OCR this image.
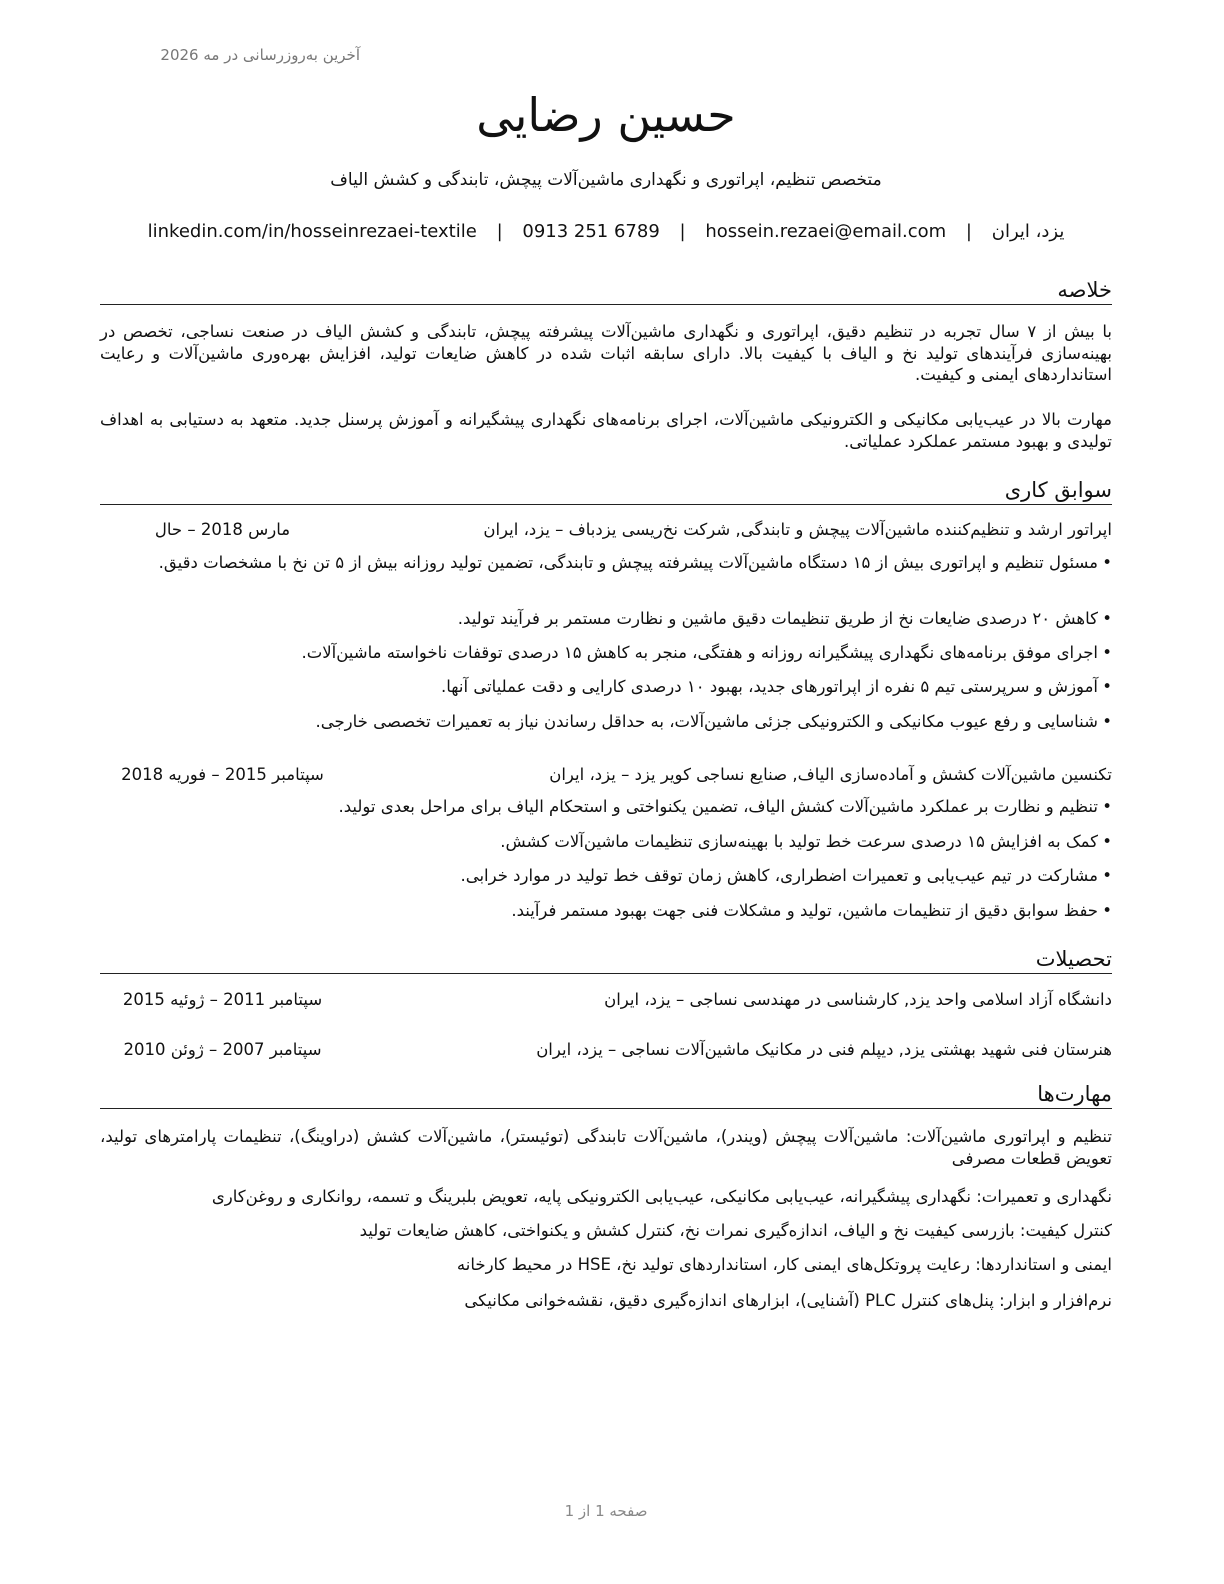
آخرین به‌روزرسانی در مه 2026
حسین رضایی
متخصص تنظیم، اپراتوری و نگهداری ماشین‌آلات پیچش، تابندگی و کشش الیاف
یزد، ایران | hossein.rezaei@email.com | 0913 251 6789 | linkedin.com/in/hosseinrezaei-textile
خلاصه
با بیش از ۷ سال تجربه در تنظیم دقیق، اپراتوری و نگهداری ماشین‌آلات پیشرفته پیچش، تابندگی و کشش الیاف در صنعت نساجی، تخصص در بهینه‌سازی فرآیندهای تولید نخ و الیاف با کیفیت بالا. دارای سابقه اثبات شده در کاهش ضایعات تولید، افزایش بهره‌وری ماشین‌آلات و رعایت استانداردهای ایمنی و کیفیت.
مهارت بالا در عیب‌یابی مکانیکی و الکترونیکی ماشین‌آلات، اجرای برنامه‌های نگهداری پیشگیرانه و آموزش پرسنل جدید. متعهد به دستیابی به اهداف تولیدی و بهبود مستمر عملکرد عملیاتی.
سوابق کاری
اپراتور ارشد و تنظیم‌کننده ماشین‌آلات پیچش و تابندگی, شرکت نخ‌ریسی یزدباف – یزد، ایران
مارس 2018 – حال
•
مسئول تنظیم و اپراتوری بیش از ۱۵ دستگاه ماشین‌آلات پیشرفته پیچش و تابندگی، تضمین تولید روزانه بیش از ۵ تن نخ با مشخصات دقیق.
•
کاهش ۲۰ درصدی ضایعات نخ از طریق تنظیمات دقیق ماشین و نظارت مستمر بر فرآیند تولید.
•
اجرای موفق برنامه‌های نگهداری پیشگیرانه روزانه و هفتگی، منجر به کاهش ۱۵ درصدی توقفات ناخواسته ماشین‌آلات.
•
آموزش و سرپرستی تیم ۵ نفره از اپراتورهای جدید، بهبود ۱۰ درصدی کارایی و دقت عملیاتی آنها.
•
شناسایی و رفع عیوب مکانیکی و الکترونیکی جزئی ماشین‌آلات، به حداقل رساندن نیاز به تعمیرات تخصصی خارجی.
تکنسین ماشین‌آلات کشش و آماده‌سازی الیاف, صنایع نساجی کویر یزد – یزد، ایران
سپتامبر 2015 – فوریه 2018
•
تنظیم و نظارت بر عملکرد ماشین‌آلات کشش الیاف، تضمین یکنواختی و استحکام الیاف برای مراحل بعدی تولید.
•
کمک به افزایش ۱۵ درصدی سرعت خط تولید با بهینه‌سازی تنظیمات ماشین‌آلات کشش.
•
مشارکت در تیم عیب‌یابی و تعمیرات اضطراری، کاهش زمان توقف خط تولید در موارد خرابی.
•
حفظ سوابق دقیق از تنظیمات ماشین، تولید و مشکلات فنی جهت بهبود مستمر فرآیند.
تحصیلات
دانشگاه آزاد اسلامی واحد یزد, کارشناسی در مهندسی نساجی – یزد، ایران
سپتامبر 2011 – ژوئیه 2015
هنرستان فنی شهید بهشتی یزد, دیپلم فنی در مکانیک ماشین‌آلات نساجی – یزد، ایران
سپتامبر 2007 – ژوئن 2010
مهارت‌ها
تنظیم و اپراتوری ماشین‌آلات: ماشین‌آلات پیچش (ویندر)، ماشین‌آلات تابندگی (توئیستر)، ماشین‌آلات کشش (دراوینگ)، تنظیمات پارامترهای تولید، تعویض قطعات مصرفی
نگهداری و تعمیرات: نگهداری پیشگیرانه، عیب‌یابی مکانیکی، عیب‌یابی الکترونیکی پایه، تعویض بلبرینگ و تسمه، روانکاری و روغن‌کاری
کنترل کیفیت: بازرسی کیفیت نخ و الیاف، اندازه‌گیری نمرات نخ، کنترل کشش و یکنواختی، کاهش ضایعات تولید
ایمنی و استانداردها: رعایت پروتکل‌های ایمنی کار، استانداردهای تولید نخ، HSE در محیط کارخانه
نرم‌افزار و ابزار: پنل‌های کنترل PLC (آشنایی)، ابزارهای اندازه‌گیری دقیق، نقشه‌خوانی مکانیکی
صفحه 1 از 1
